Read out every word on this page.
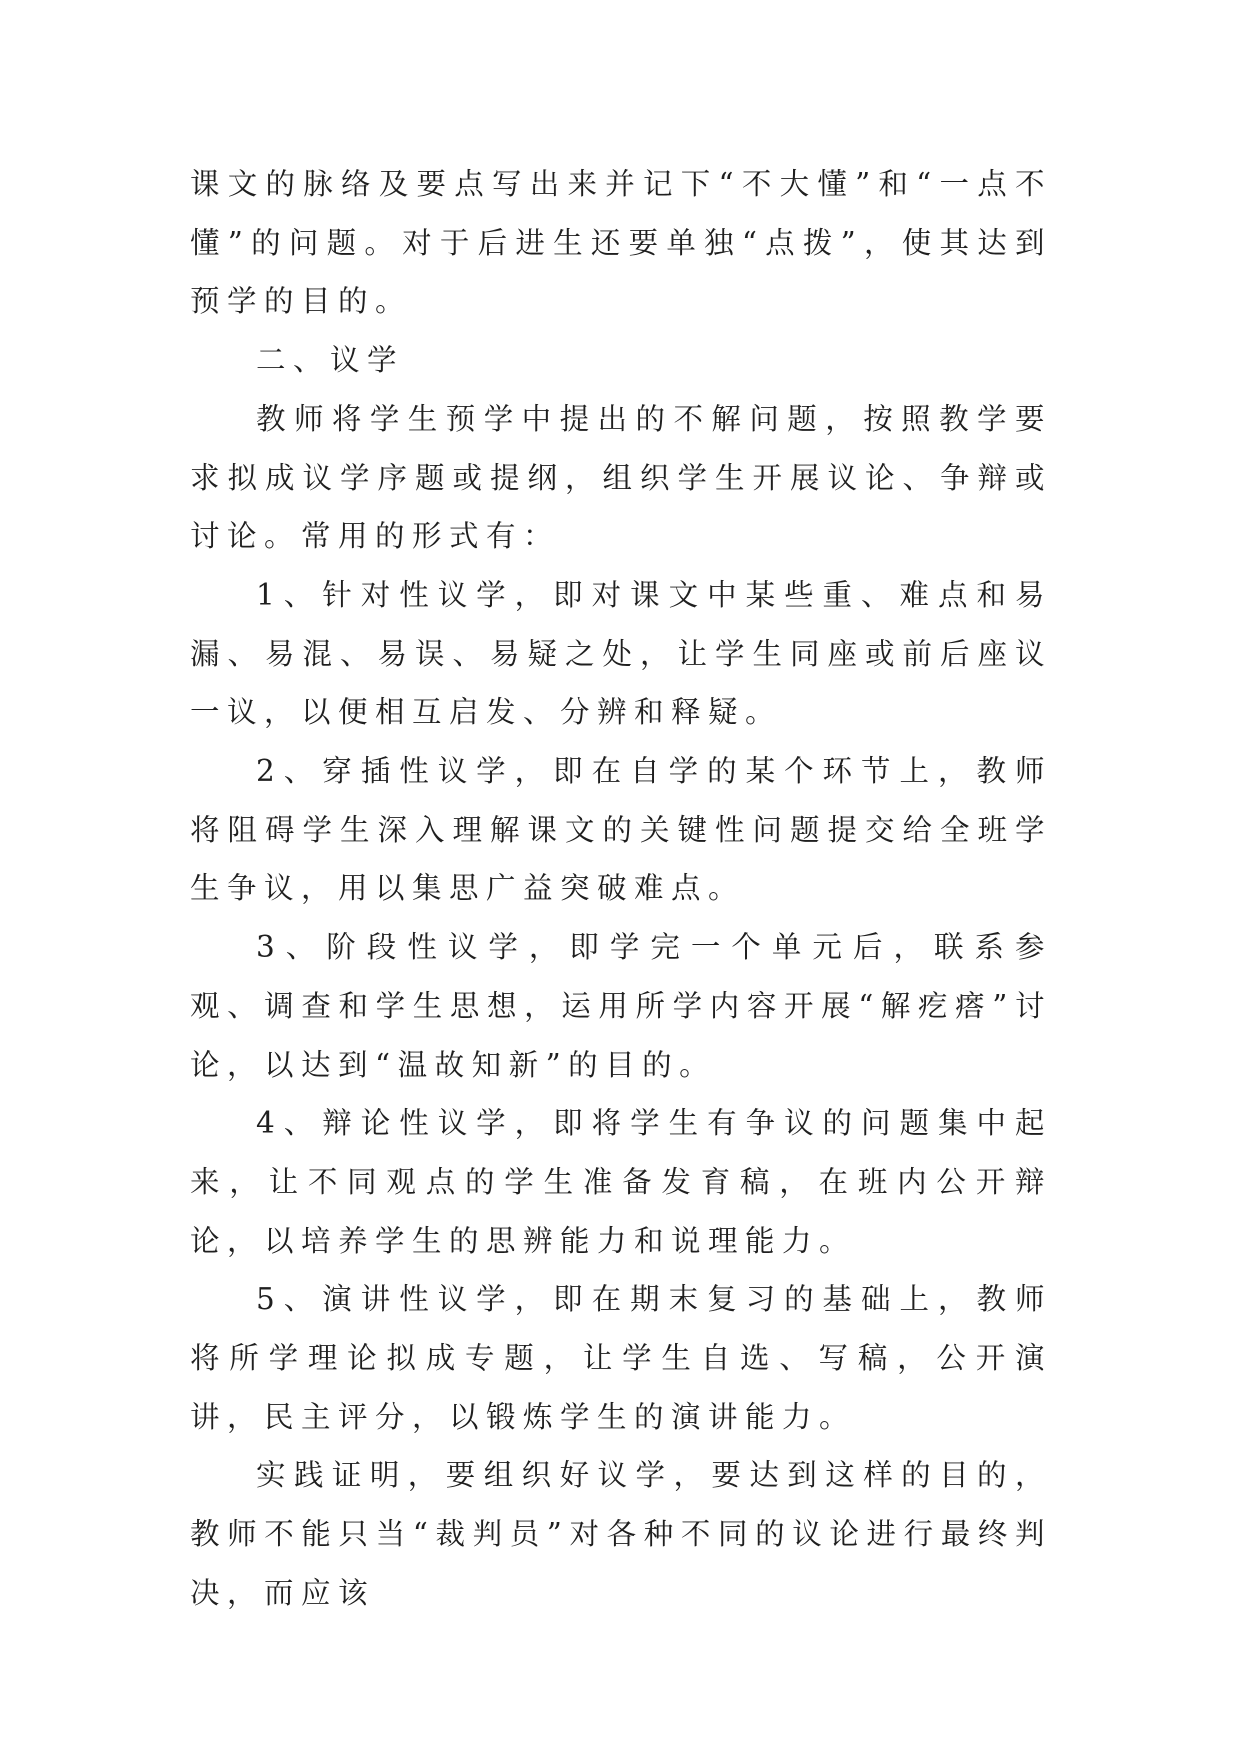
课文的脉络及要点写出来并记下“不大懂”和“一点不懂”的问题。对于后进生还要单独“点拨”，使其达到预学的目的。

二、议学

教师将学生预学中提出的不解问题，按照教学要求拟成议学序题或提纲，组织学生开展议论、争辩或讨论。常用的形式有：

1、针对性议学，即对课文中某些重、难点和易漏、易混、易误、易疑之处，让学生同座或前后座议一议，以便相互启发、分辨和释疑。

2、穿插性议学，即在自学的某个环节上，教师将阻碍学生深入理解课文的关键性问题提交给全班学生争议，用以集思广益突破难点。

3、阶段性议学，即学完一个单元后，联系参观、调查和学生思想，运用所学内容开展“解疙瘩”讨论，以达到“温故知新”的目的。

4、辩论性议学，即将学生有争议的问题集中起来，让不同观点的学生准备发育稿，在班内公开辩论，以培养学生的思辨能力和说理能力。

5、演讲性议学，即在期末复习的基础上，教师将所学理论拟成专题，让学生自选、写稿，公开演讲，民主评分，以锻炼学生的演讲能力。

实践证明，要组织好议学，要达到这样的目的，教师不能只当“裁判员”对各种不同的议论进行最终判决，而应该
